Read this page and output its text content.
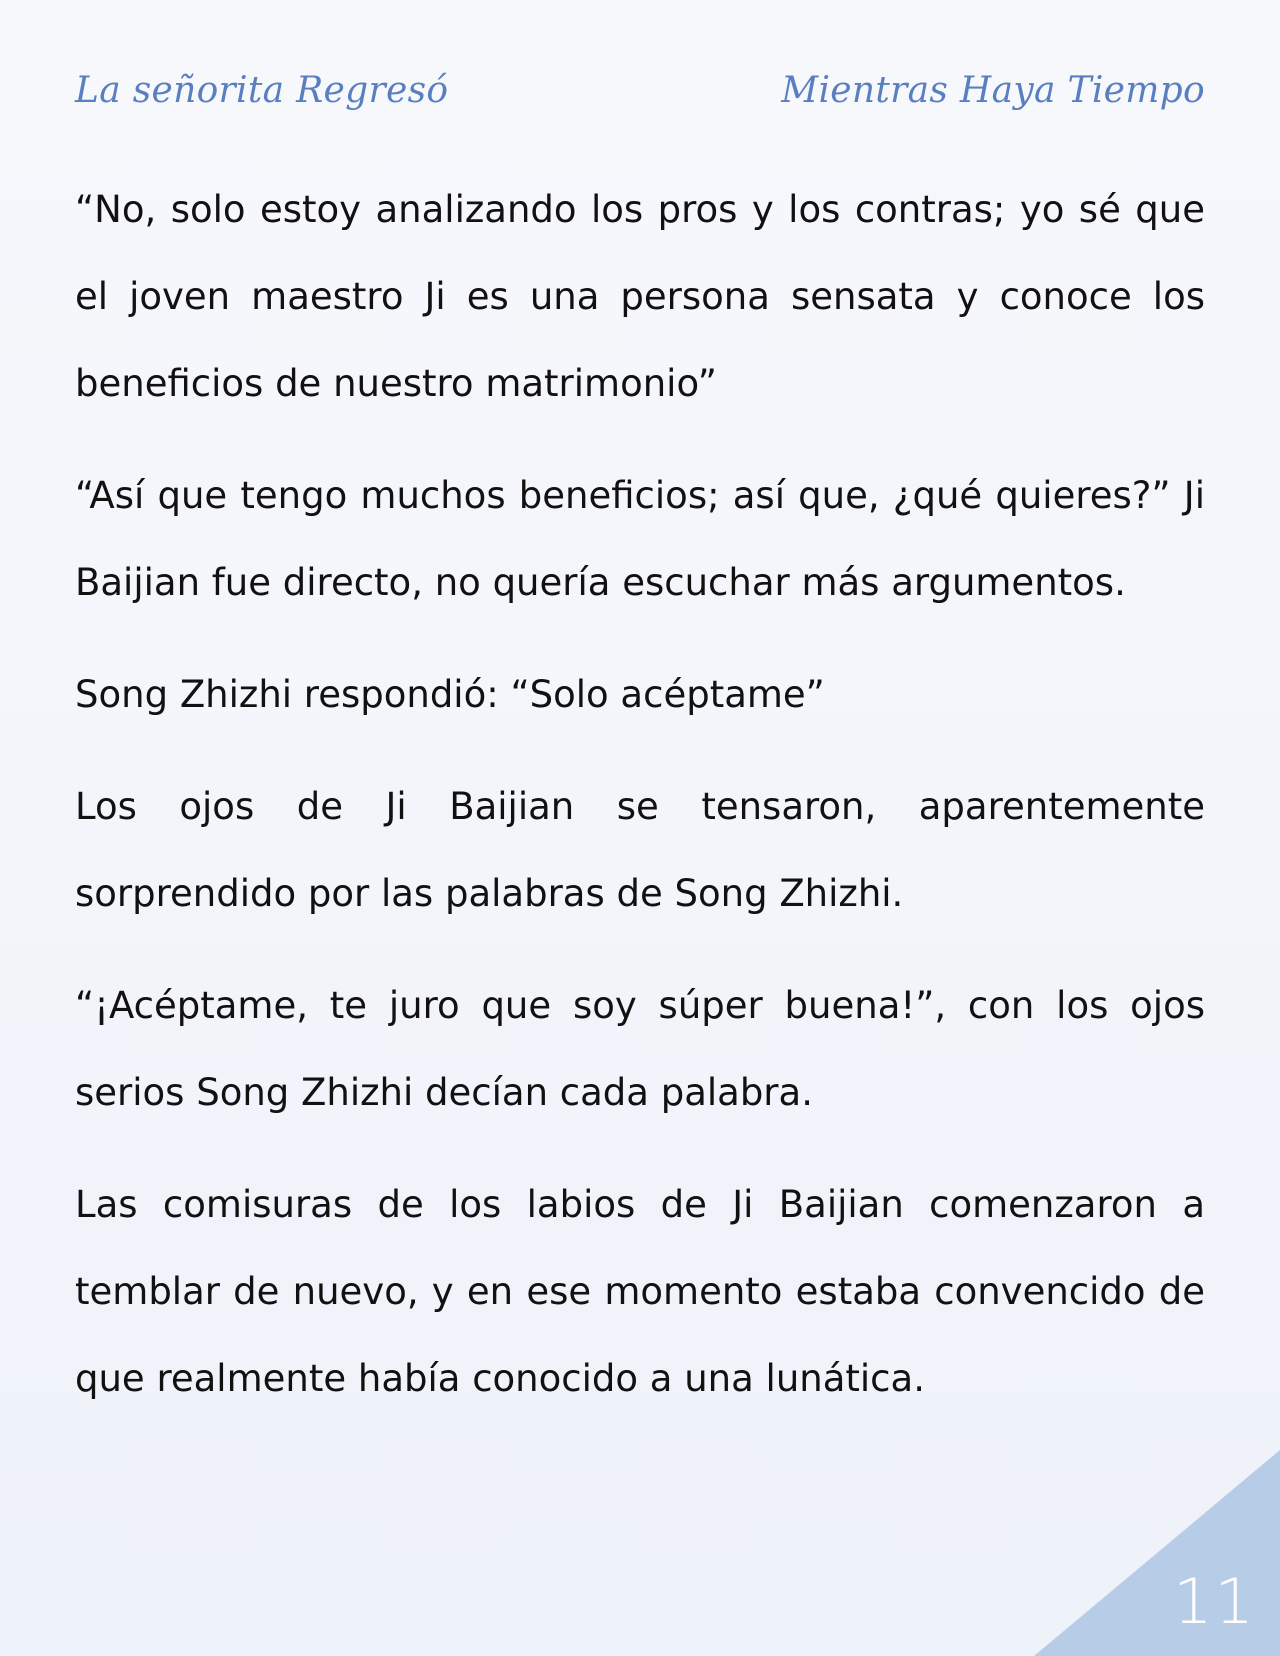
La señorita Regresó	Mientras Haya Tiempo

“No, solo estoy analizando los pros y los contras; yo sé que el joven maestro Ji es una persona sensata y conoce los beneficios de nuestro matrimonio”

“Así que tengo muchos beneficios; así que, ¿qué quieres?” Ji Baijian fue directo, no quería escuchar más argumentos.

Song Zhizhi respondió: “Solo acéptame”

Los ojos de Ji Baijian se tensaron, aparentemente sorprendido por las palabras de Song Zhizhi.

“¡Acéptame, te juro que soy súper buena!”, con los ojos serios Song Zhizhi decían cada palabra.

Las comisuras de los labios de Ji Baijian comenzaron a temblar de nuevo, y en ese momento estaba convencido de que realmente había conocido a una lunática.

11
